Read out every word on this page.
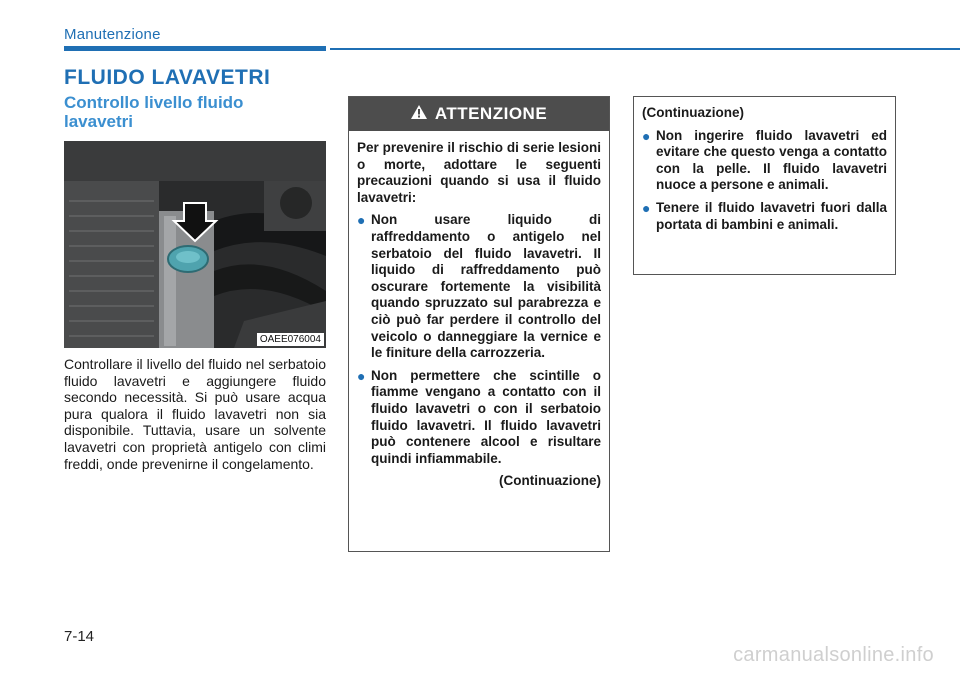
Manutenzione
FLUIDO LAVAVETRI
Controllo livello fluido lavavetri
OAEE076004
Controllare il livello del fluido nel serbatoio fluido lavavetri e aggiungere fluido secondo necessità. Si può usare acqua pura qualora il fluido lavavetri non sia disponibile. Tuttavia, usare un solvente lavavetri con proprietà antigelo con climi freddi, onde prevenirne il congelamento.
ATTENZIONE

Per prevenire il rischio di serie lesioni o morte, adottare le seguenti precauzioni quando si usa il fluido lavavetri:

● Non usare liquido di raffreddamento o antigelo nel serbatoio del fluido lavavetri. Il liquido di raffreddamento può oscurare fortemente la visibilità quando spruzzato sul parabrezza e ciò può far perdere il controllo del veicolo o danneggiare la vernice e le finiture della carrozzeria.
● Non permettere che scintille o fiamme vengano a contatto con il fluido lavavetri o con il serbatoio fluido lavavetri. Il fluido lavavetri può contenere alcool e risultare quindi infiammabile.
(Continuazione)

(Continuazione)

● Non ingerire fluido lavavetri ed evitare che questo venga a contatto con la pelle. Il fluido lavavetri nuoce a persone e animali.
● Tenere il fluido lavavetri fuori dalla portata di bambini e animali.
7-14
carmanualsonline.info
